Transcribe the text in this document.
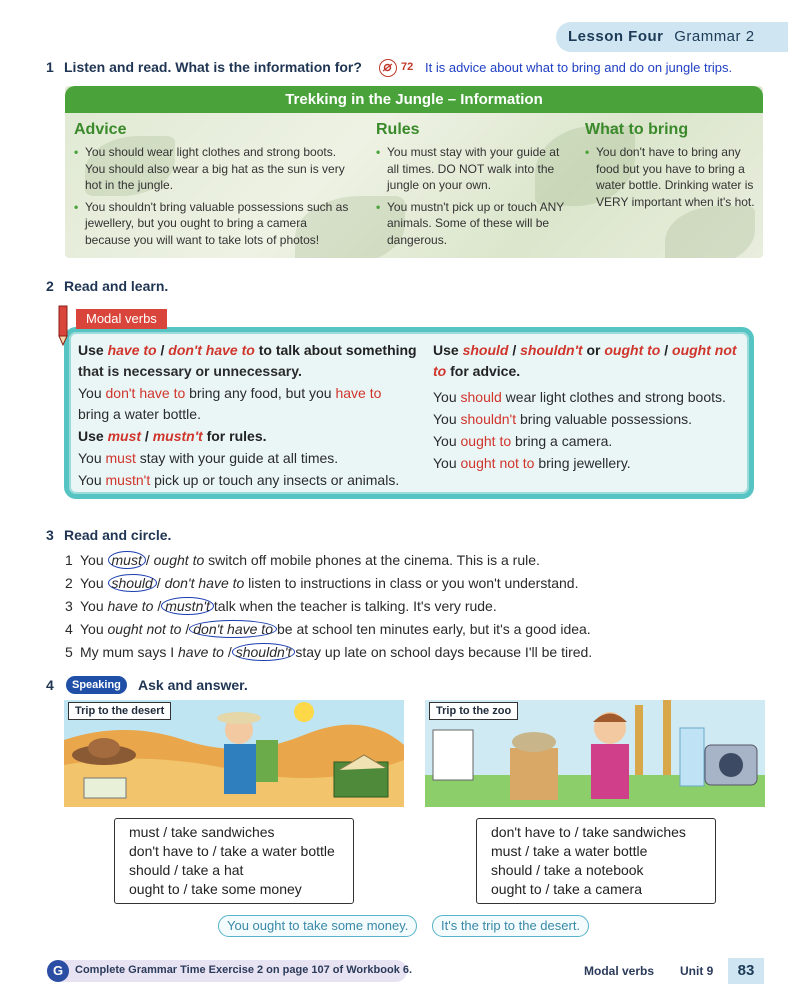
Lesson Four Grammar 2
1 Listen and read. What is the information for?	72 It is advice about what to bring and do on jungle trips.
Trekking in the Jungle – Information
Advice
• You should wear light clothes and strong boots. You should also wear a big hat as the sun is very hot in the jungle.
• You shouldn't bring valuable possessions such as jewellery, but you ought to bring a camera because you will want to take lots of photos!
Rules
• You must stay with your guide at all times. DO NOT walk into the jungle on your own.
• You mustn't pick up or touch ANY animals. Some of these will be dangerous.
What to bring
• You don't have to bring any food but you have to bring a water bottle. Drinking water is VERY important when it's hot.
2 Read and learn.
Modal verbs
Use have to / don't have to to talk about something
that is necessary or unnecessary.
You don't have to bring any food, but you have to
bring a water bottle.
Use must / mustn't for rules.
You must stay with your guide at all times.
You mustn't pick up or touch any insects or animals.
Use should / shouldn't or ought to / ought not
to for advice.
You should wear light clothes and strong boots.
You shouldn't bring valuable possessions.
You ought to bring a camera.
You ought not to bring jewellery.
3 Read and circle.
1 You must / ought to switch off mobile phones at the cinema. This is a rule.
2 You should / don't have to listen to instructions in class or you won't understand.
3 You have to / mustn't talk when the teacher is talking. It's very rude.
4 You ought not to / don't have to be at school ten minutes early, but it's a good idea.
5 My mum says I have to / shouldn't stay up late on school days because I'll be tired.
4	Speaking	Ask and answer.
Trip to the desert	Trip to the zoo
must / take sandwiches
don't have to / take a water bottle
should / take a hat
ought to / take some money
don't have to / take sandwiches
must / take a water bottle
should / take a notebook
ought to / take a camera
You ought to take some money.	It's the trip to the desert.
G	Complete Grammar Time Exercise 2 on page 107 of Workbook 6.	Modal verbs Unit 9	83
